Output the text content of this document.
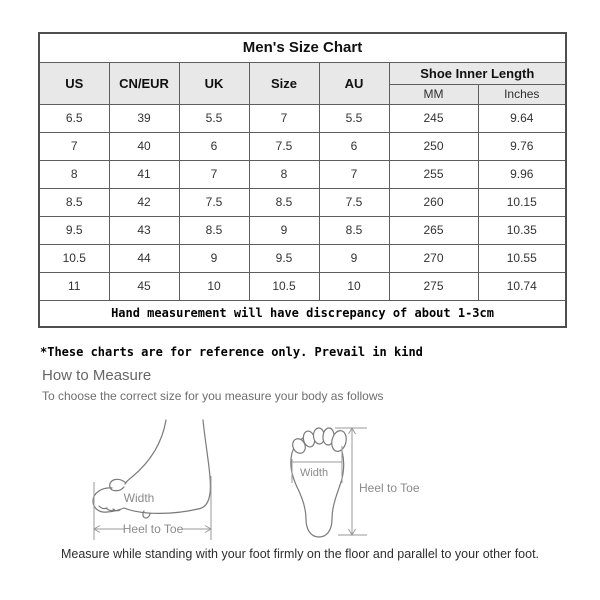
Men's Size Chart						
US	CN/EUR	UK	Size	AU	Shoe Inner Length	
					MM	Inches
6.5	39	5.5	7	5.5	245	9.64
7	40	6	7.5	6	250	9.76
8	41	7	8	7	255	9.96
8.5	42	7.5	8.5	7.5	260	10.15
9.5	43	8.5	9	8.5	265	10.35
10.5	44	9	9.5	9	270	10.55
11	45	10	10.5	10	275	10.74
Hand measurement will have discrepancy of about 1-3cm						
*These charts are for reference only. Prevail in kind
How to Measure
To choose the correct size for you measure your body as follows
Width
Heel to Toe
Width
Heel to Toe
Measure while standing with your foot firmly on the floor and parallel to your other foot.
